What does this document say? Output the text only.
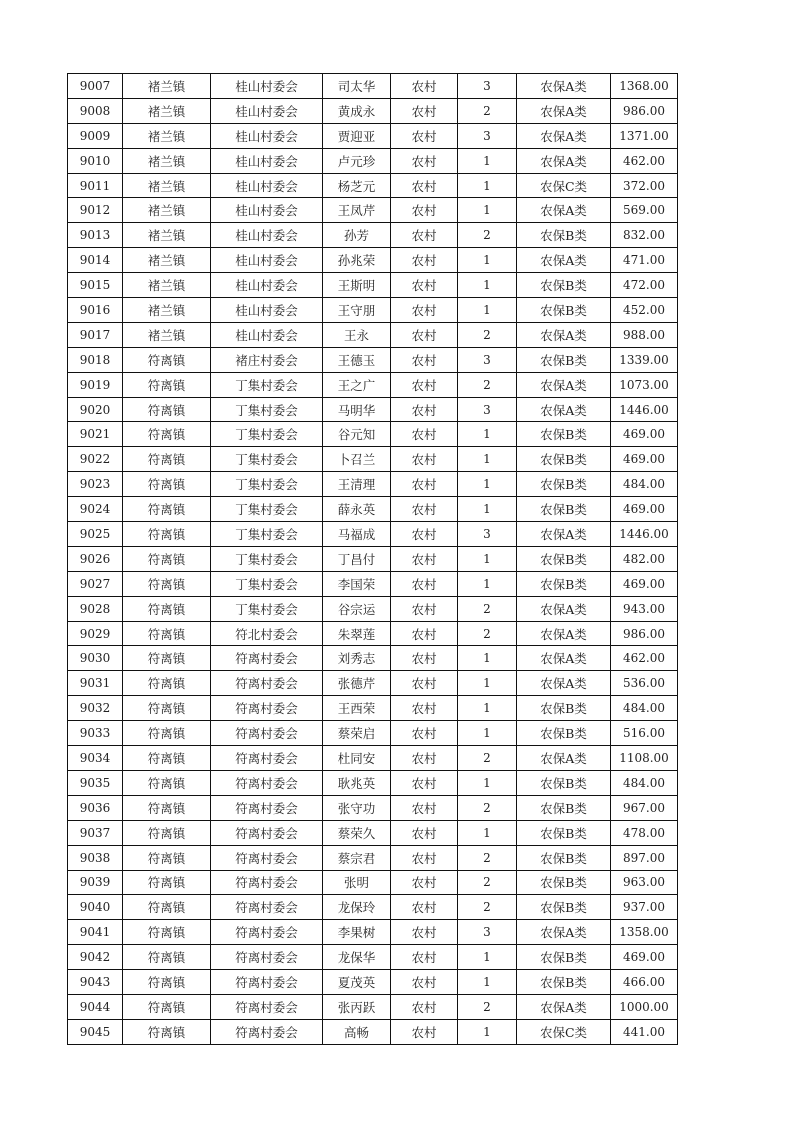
9007	褚兰镇	桂山村委会	司太华	农村	3	农保A类	1368.00
9008	褚兰镇	桂山村委会	黄成永	农村	2	农保A类	986.00
9009	褚兰镇	桂山村委会	贾迎亚	农村	3	农保A类	1371.00
9010	褚兰镇	桂山村委会	卢元珍	农村	1	农保A类	462.00
9011	褚兰镇	桂山村委会	杨芝元	农村	1	农保C类	372.00
9012	褚兰镇	桂山村委会	王凤芹	农村	1	农保A类	569.00
9013	褚兰镇	桂山村委会	孙芳	农村	2	农保B类	832.00
9014	褚兰镇	桂山村委会	孙兆荣	农村	1	农保A类	471.00
9015	褚兰镇	桂山村委会	王斯明	农村	1	农保B类	472.00
9016	褚兰镇	桂山村委会	王守朋	农村	1	农保B类	452.00
9017	褚兰镇	桂山村委会	王永	农村	2	农保A类	988.00
9018	符离镇	褚庄村委会	王德玉	农村	3	农保B类	1339.00
9019	符离镇	丁集村委会	王之广	农村	2	农保A类	1073.00
9020	符离镇	丁集村委会	马明华	农村	3	农保A类	1446.00
9021	符离镇	丁集村委会	谷元知	农村	1	农保B类	469.00
9022	符离镇	丁集村委会	卜召兰	农村	1	农保B类	469.00
9023	符离镇	丁集村委会	王清理	农村	1	农保B类	484.00
9024	符离镇	丁集村委会	薛永英	农村	1	农保B类	469.00
9025	符离镇	丁集村委会	马福成	农村	3	农保A类	1446.00
9026	符离镇	丁集村委会	丁昌付	农村	1	农保B类	482.00
9027	符离镇	丁集村委会	李国荣	农村	1	农保B类	469.00
9028	符离镇	丁集村委会	谷宗运	农村	2	农保A类	943.00
9029	符离镇	符北村委会	朱翠莲	农村	2	农保A类	986.00
9030	符离镇	符离村委会	刘秀志	农村	1	农保A类	462.00
9031	符离镇	符离村委会	张德芹	农村	1	农保A类	536.00
9032	符离镇	符离村委会	王西荣	农村	1	农保B类	484.00
9033	符离镇	符离村委会	蔡荣启	农村	1	农保B类	516.00
9034	符离镇	符离村委会	杜同安	农村	2	农保A类	1108.00
9035	符离镇	符离村委会	耿兆英	农村	1	农保B类	484.00
9036	符离镇	符离村委会	张守功	农村	2	农保B类	967.00
9037	符离镇	符离村委会	蔡荣久	农村	1	农保B类	478.00
9038	符离镇	符离村委会	蔡宗君	农村	2	农保B类	897.00
9039	符离镇	符离村委会	张明	农村	2	农保B类	963.00
9040	符离镇	符离村委会	龙保玲	农村	2	农保B类	937.00
9041	符离镇	符离村委会	李果树	农村	3	农保A类	1358.00
9042	符离镇	符离村委会	龙保华	农村	1	农保B类	469.00
9043	符离镇	符离村委会	夏茂英	农村	1	农保B类	466.00
9044	符离镇	符离村委会	张丙跃	农村	2	农保A类	1000.00
9045	符离镇	符离村委会	高畅	农村	1	农保C类	441.00
